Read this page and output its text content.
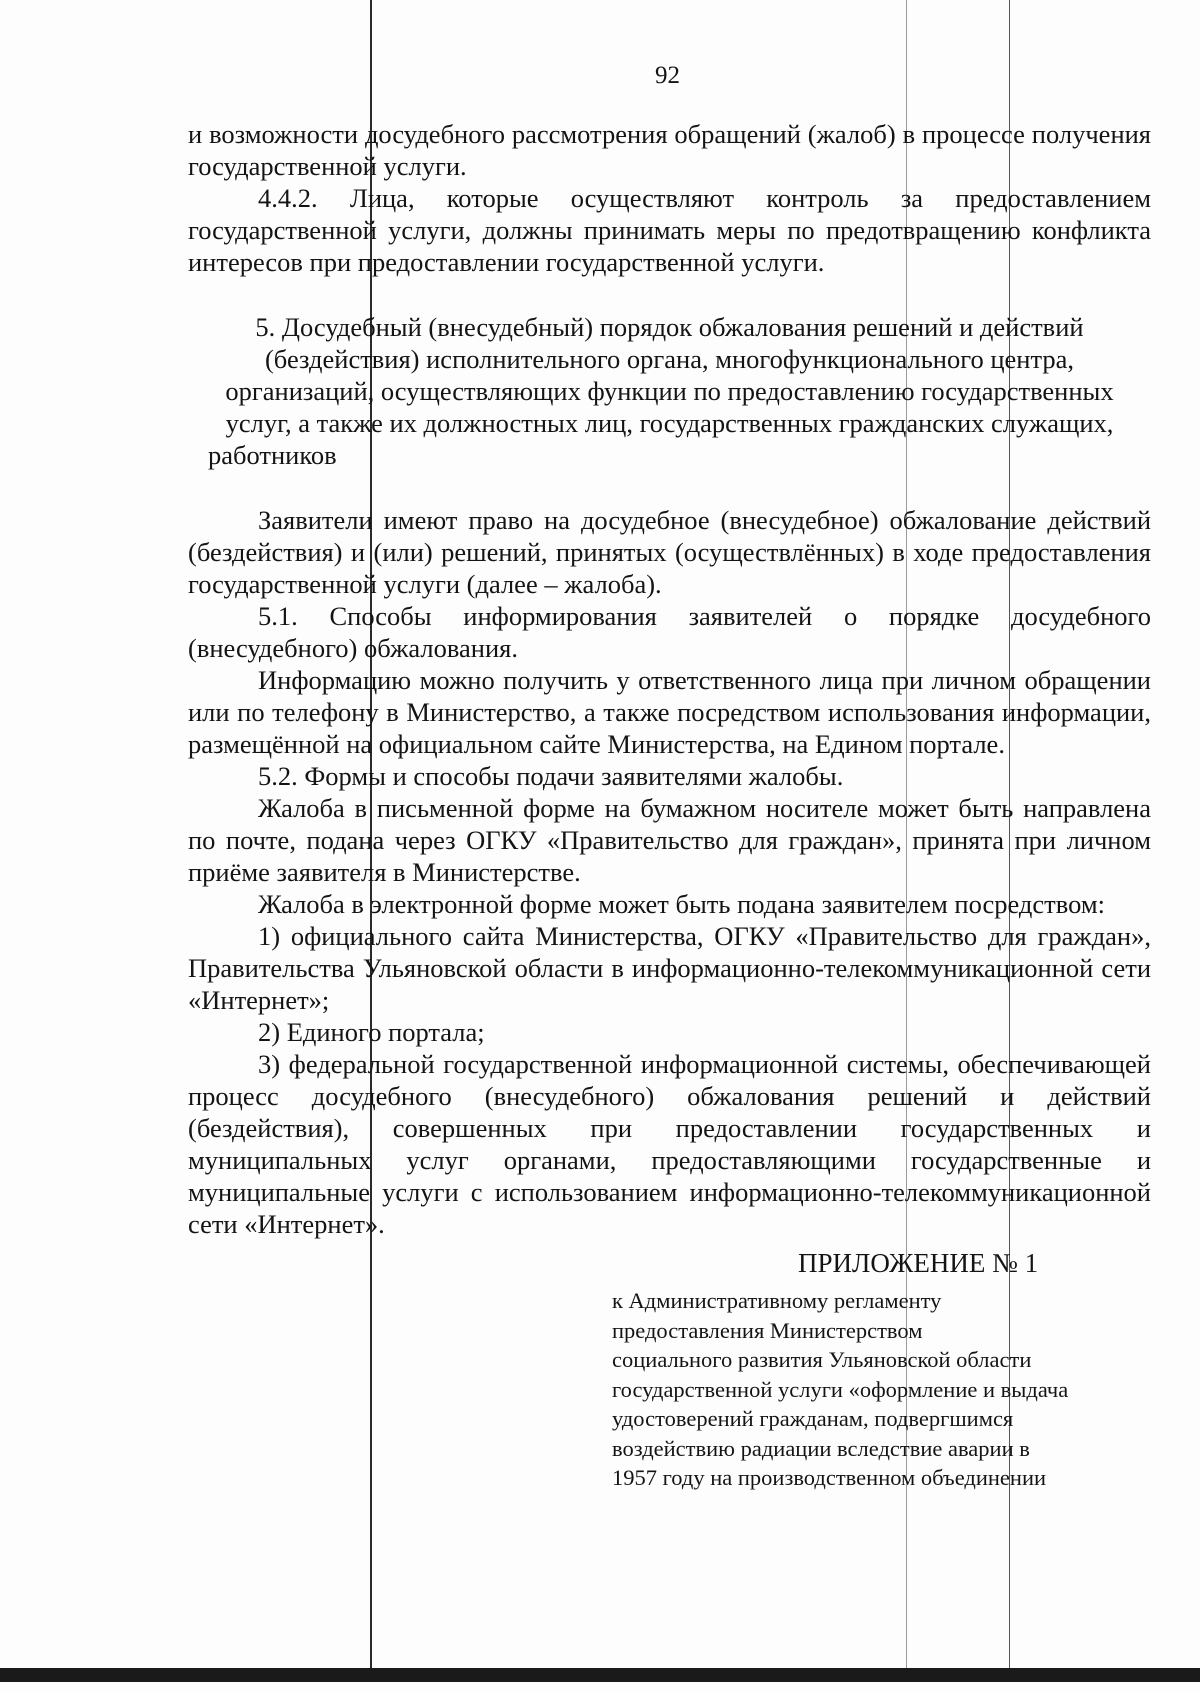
92

и возможности досудебного рассмотрения обращений (жалоб) в процессе получения государственной услуги.

4.4.2. Лица, которые осуществляют контроль за предоставлением государственной услуги, должны принимать меры по предотвращению конфликта интересов при предоставлении государственной услуги.

5. Досудебный (внесудебный) порядок обжалования решений и действий (бездействия) исполнительного органа, многофункционального центра, организаций, осуществляющих функции по предоставлению государственных услуг, а также их должностных лиц, государственных гражданских служащих, работников

Заявители имеют право на досудебное (внесудебное) обжалование действий (бездействия) и (или) решений, принятых (осуществлённых) в ходе предоставления государственной услуги (далее – жалоба).

5.1. Способы информирования заявителей о порядке досудебного (внесудебного) обжалования.

Информацию можно получить у ответственного лица при личном обращении или по телефону в Министерство, а также посредством использования информации, размещённой на официальном сайте Министерства, на Едином портале.

5.2. Формы и способы подачи заявителями жалобы.

Жалоба в письменной форме на бумажном носителе может быть направлена по почте, подана через ОГКУ «Правительство для граждан», принята при личном приёме заявителя в Министерстве.

Жалоба в электронной форме может быть подана заявителем посредством:

1) официального сайта Министерства, ОГКУ «Правительство для граждан», Правительства Ульяновской области в информационно-телекоммуникационной сети «Интернет»;

2) Единого портала;

3) федеральной государственной информационной системы, обеспечивающей процесс досудебного (внесудебного) обжалования решений и действий (бездействия), совершенных при предоставлении государственных и муниципальных услуг органами, предоставляющими государственные и муниципальные услуги с использованием информационно-телекоммуникационной сети «Интернет».

ПРИЛОЖЕНИЕ № 1
к Административному регламенту
предоставления Министерством
социального развития Ульяновской области
государственной услуги «оформление и выдача
удостоверений гражданам, подвергшимся
воздействию радиации вследствие аварии в
1957 году на производственном объединении
